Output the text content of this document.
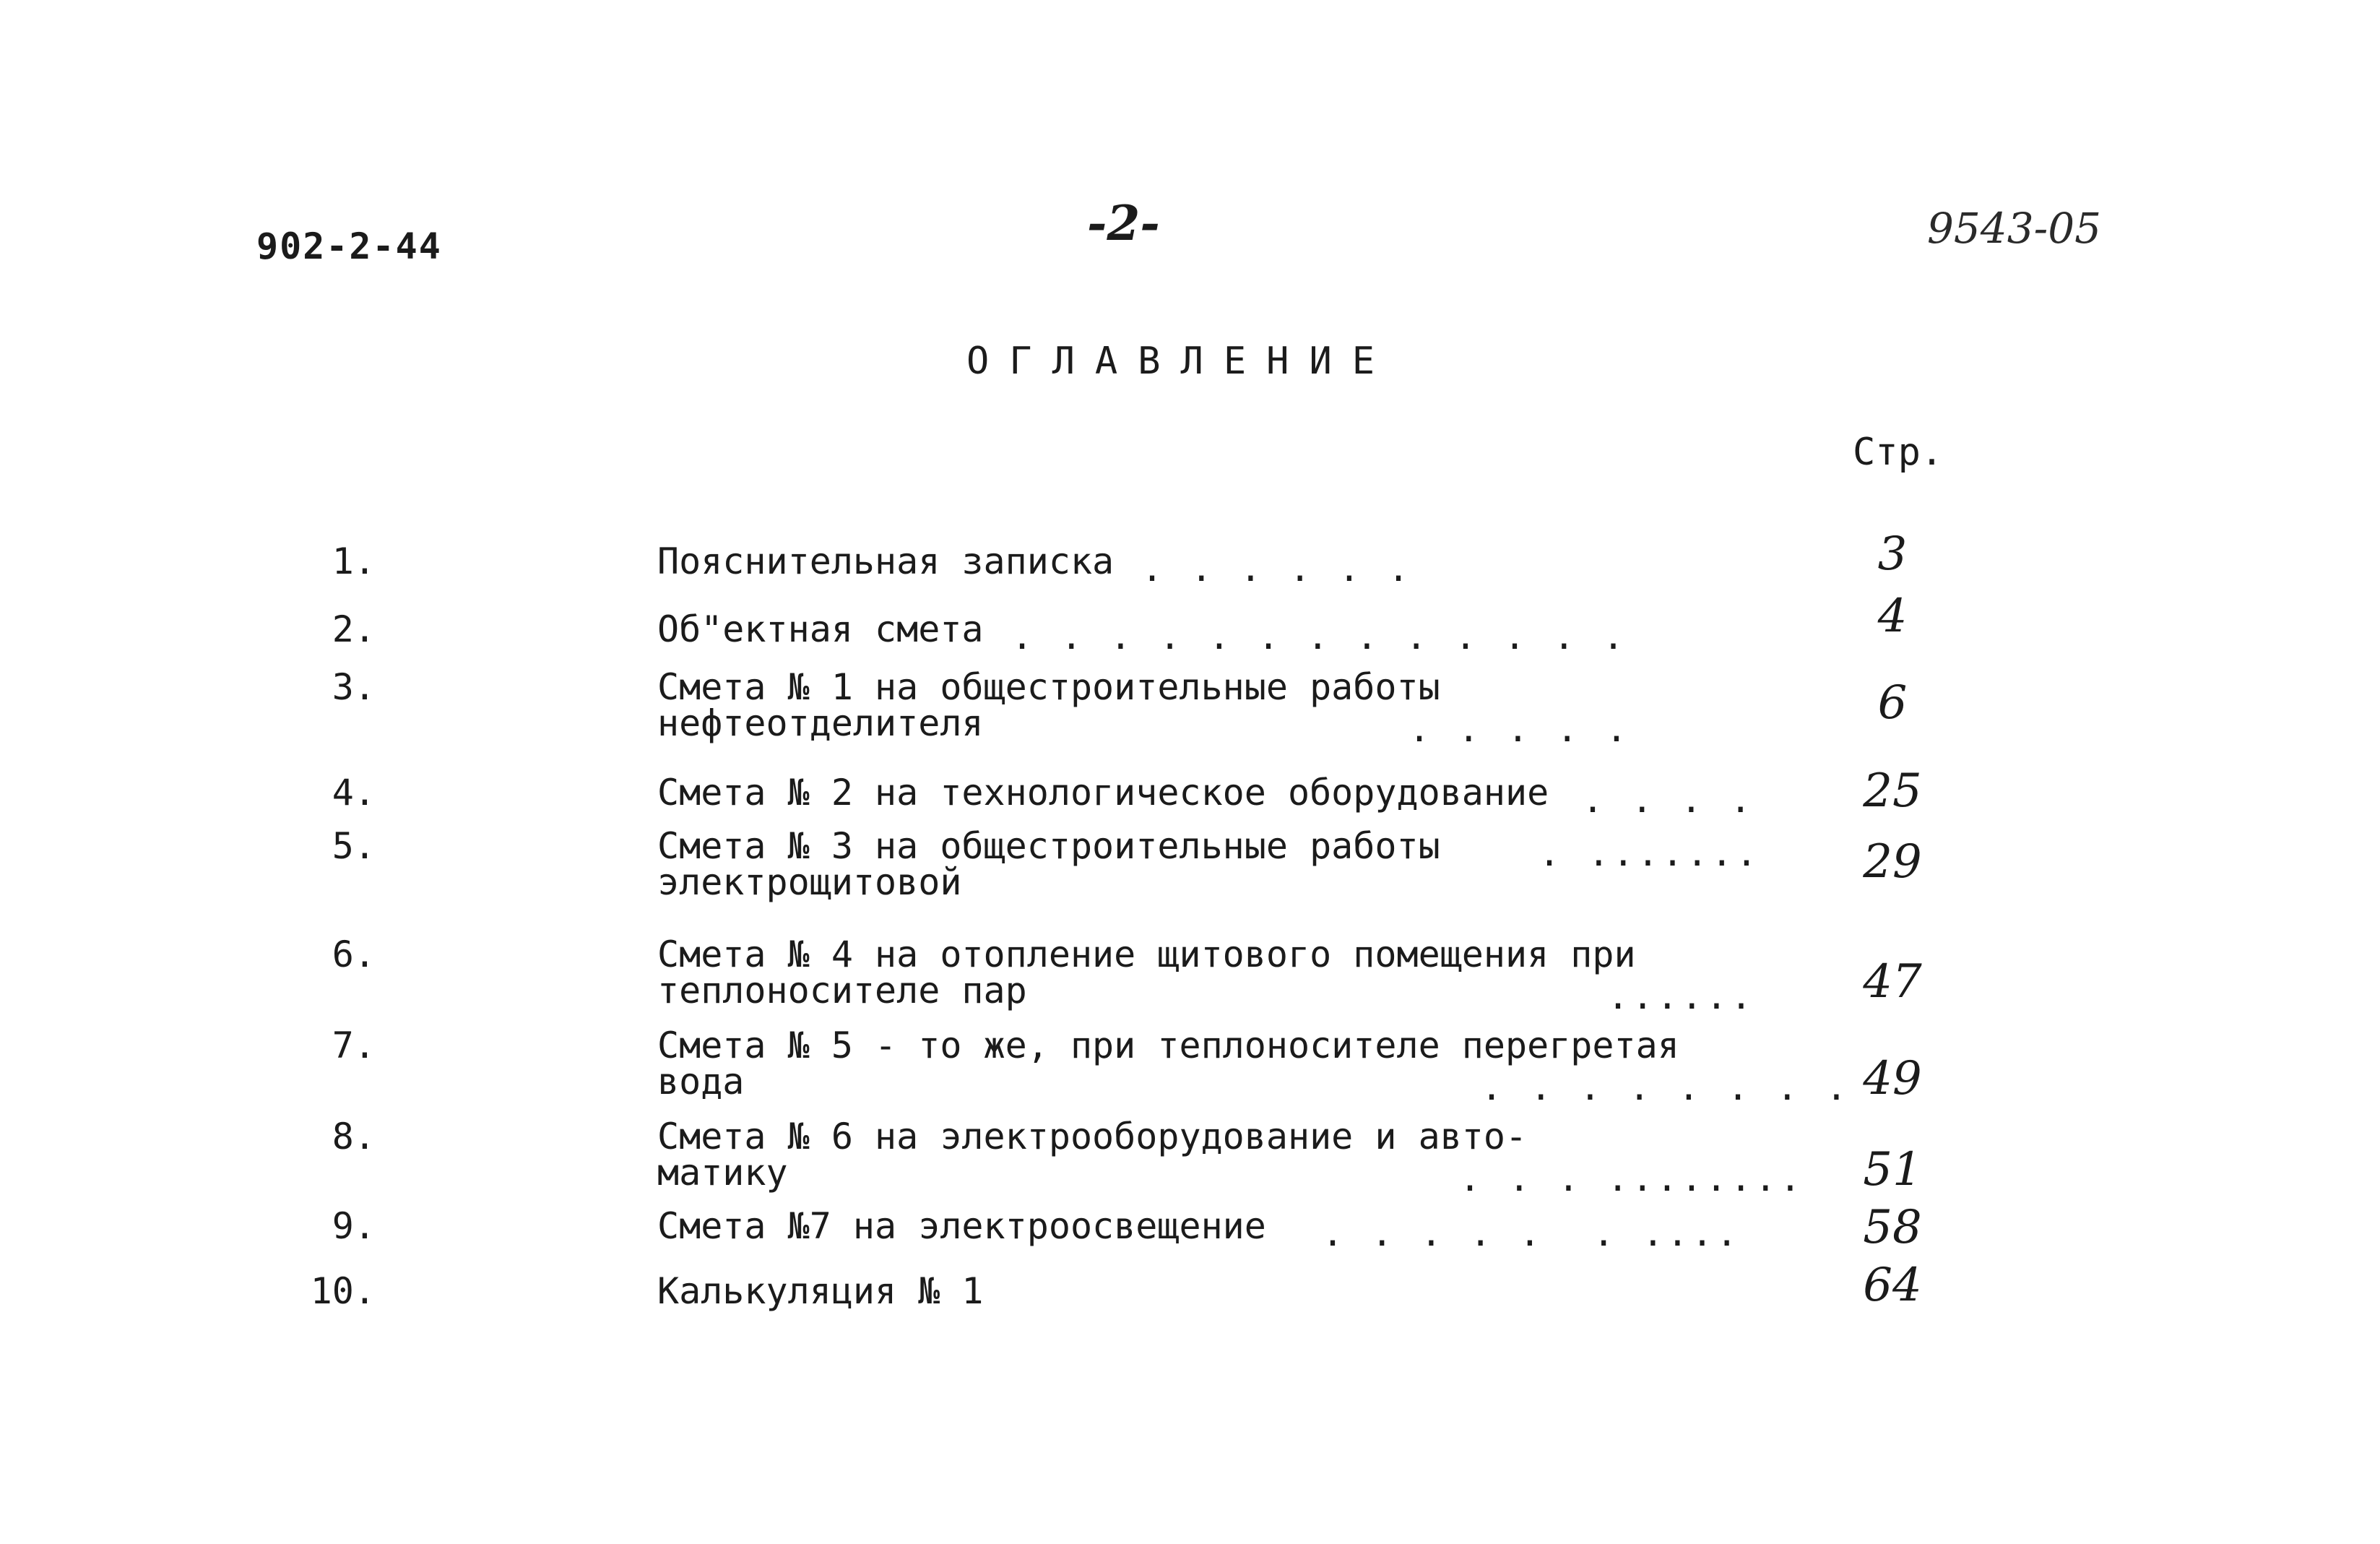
902-2-44	-2-	9543-05
ОГЛАВЛЕНИЕ
Стр.
1.	Пояснительная записка . . . . . .	3
2.	Об"ектная смета . . . . . . . . . . . . .	4
3.	Смета № 1 на общестроительные работы
нефтеотделителя	. . . . .	6
4.	Смета № 2 на технологическое оборудование . . . .	25
5.	Смета № 3 на общестроительные работы
электрощитовой
. .......	29
6.	Смета № 4 на отопление щитового помещения при
теплоносителе пар	......	47
7.	Смета № 5 - то же, при теплоносителе перегретая
вода	. . . . . . . . 49
8.	Смета № 6 на электрооборудование и авто-
матику	. . . ........	51
9.	Смета №7 на электроосвещение . . . . .  . ....	58
10.	Калькуляция № 1	64
